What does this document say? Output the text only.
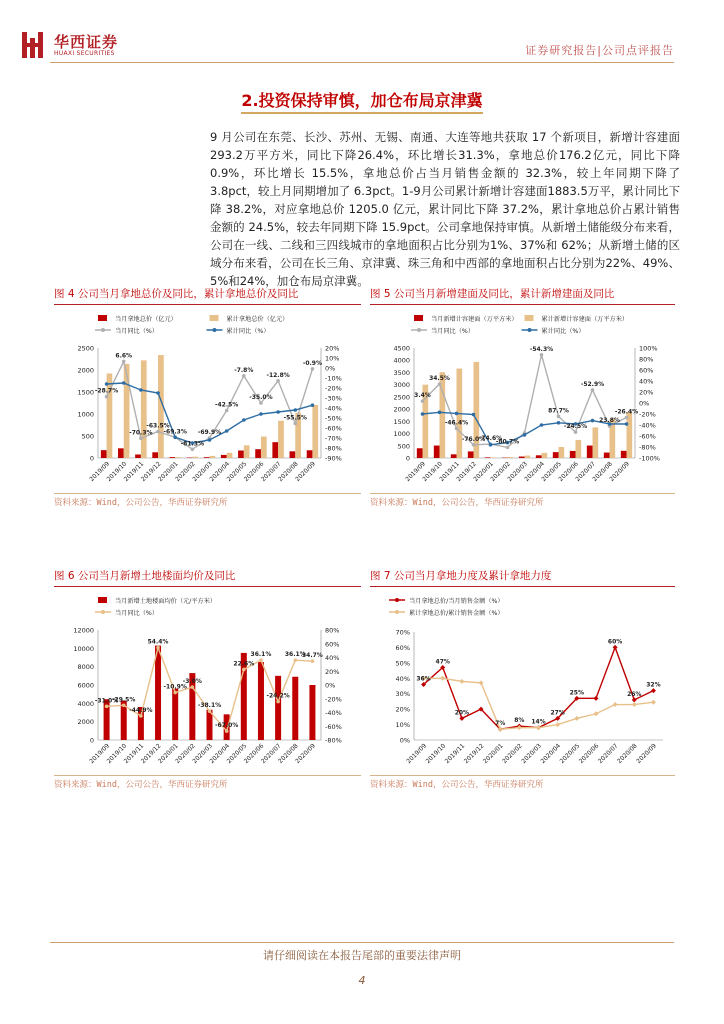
华西证券
HUAXI SECURITIES	证券研究报告|公司点评报告
2.投资保持审慎，加仓布局京津冀
9 月公司在东莞、长沙、苏州、无锡、南通、大连等地共获取 17 个新项目，新增计容建面293.2万平方米，同比下降26.4%，环比增长31.3%，拿地总价176.2亿元，同比下降 0.9%，环比增长 15.5%，拿地总价占当月销售金额的 32.3%，较上年同期下降了 3.8pct，较上月同期增加了 6.3pct。1-9月公司累计新增计容建面1883.5万平，累计同比下降 38.2%，对应拿地总价 1205.0 亿元，累计同比下降 37.2%，累计拿地总价占累计销售金额的 24.5%，较去年同期下降 15.9pct。公司拿地保持审慎。从新增土储能级分布来看，公司在一线、二线和三四线城市的拿地面积占比分别为1%、37%和 62%；从新增土储的区域分布来看，公司在长三角、京津冀、珠三角和中西部的拿地面积占比分别为22%、49%、5%和24%，加仓布局京津冀。
图 4 公司当月拿地总价及同比，累计拿地总价及同比
当月拿地总价（亿元）	累计拿地总价（亿元）
当月同比（%）	累计同比（%）
2500
2000
1500
1000
500
0
20%
10%
0%
-10%
-20%
-30%
-40%
-50%
-60%
-70%
-80%
-90%
2019/09
2019/10
2019/11
2019/12
2020/01
2020/02
2020/03
2020/04
2020/05
2020/06
2020/07
2020/08
2020/09
-28.7%
6.6%
-70.3%
-63.5%
-69.3%
-81.3%
-69.9%
-42.5%
-7.8%
-35.0%
-12.8%
-55.5%
-0.9%
资料来源：Wind，公司公告，华西证券研究所
图 5 公司当月新增建面及同比，累计新增建面及同比
当月新增计容建面（万平方米）	累计新增计容建面（万平方米）
当月同比（%）	累计同比（%）
4500
4000
3500
3000
2500
2000
1500
1000
500
0
100%
80%
60%
40%
20%
0%
-20%
-40%
-60%
-80%
-100%
2019/09
2019/10
2019/11
2019/12
2020/01
2020/02
2020/03
2020/04
2020/05
2020/06
2020/07
2020/08
2020/09
3.4%
34.5%
-46.4%
-76.0%
-74.6%
-80.7%
-54.3%
87.7%
-24.5%
-52.9%
23.8%
-26.4%
资料来源：Wind，公司公告，华西证券研究所
图 6 公司当月新增土地楼面均价及同比
当月新增土地楼面均价（元/平方米）
当月同比（%）
12000
10000
8000
6000
4000
2000
0
80%
60%
40%
20%
0%
-20%
-40%
-60%
-80%
2019/09
2019/10
2019/11
2019/12
2020/01
2020/02
2020/03
2020/04
2020/05
2020/06
2020/07
2020/08
2020/09
-31.0%
-29.5%
-44.9%
54.4%
-10.9%
-3.0%
-38.1%
-67.0%
22.6%
36.1%
-24.2%
36.1%
34.7%
资料来源：Wind，公司公告，华西证券研究所
图 7 公司当月拿地力度及累计拿地力度
当月拿地总价/当月销售金额（%）
累计拿地总价/累计销售金额（%）
70%
60%
50%
40%
30%
20%
10%
0%
2019/09
2019/10
2019/11
2019/12
2020/01
2020/02
2020/03
2020/04
2020/05
2020/06
2020/07
2020/08
2020/09
36%
47%
20%
7% 8% 14%
27%
25%
60%
26%
32%
资料来源：Wind，公司公告，华西证券研究所
请仔细阅读在本报告尾部的重要法律声明
4
